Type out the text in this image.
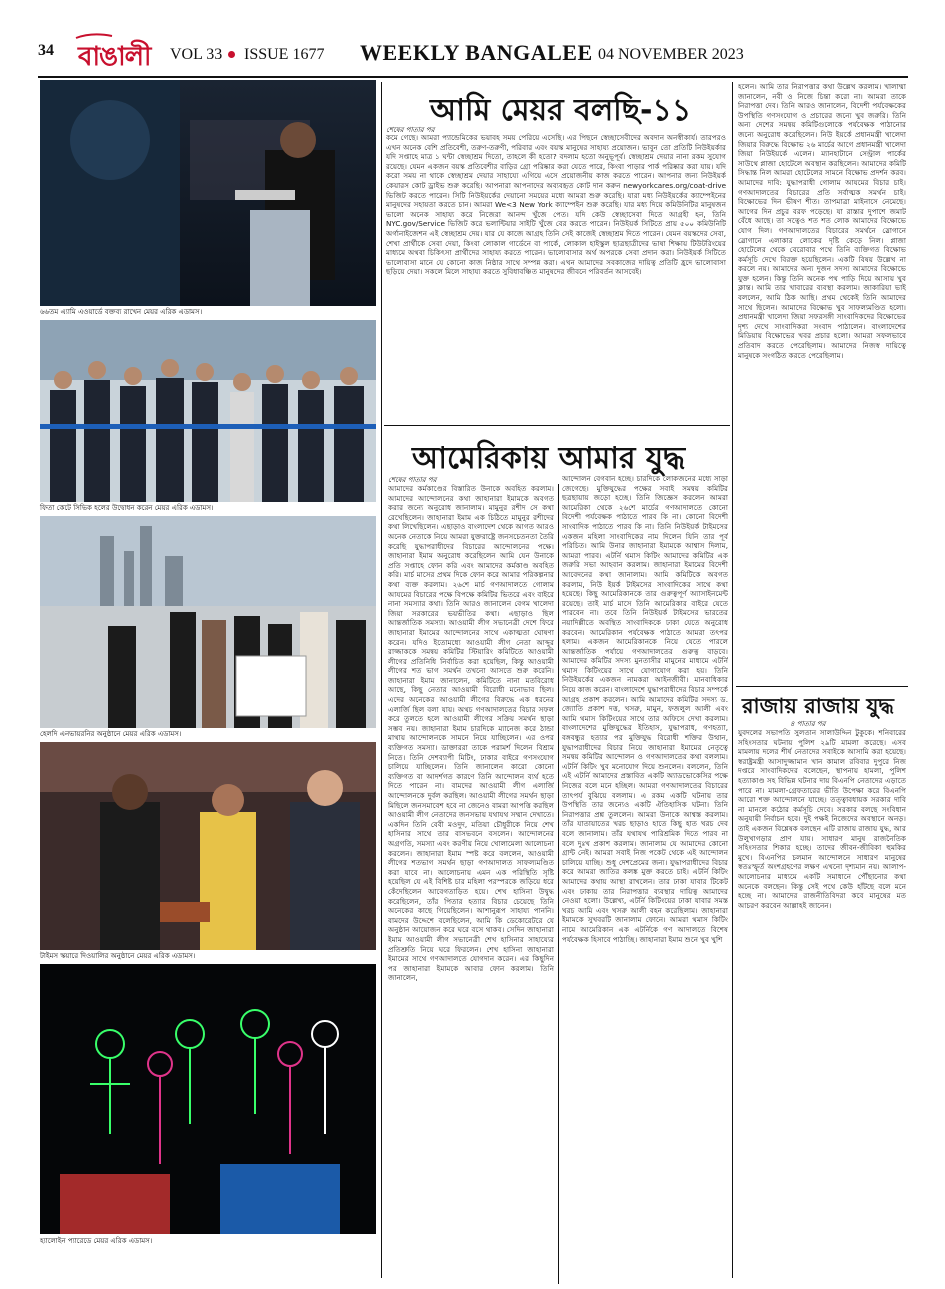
34 বাঙালী VOL 33 ISSUE 1677 WEEKLY BANGALEE 04 NOVEMBER 2023
৬৬তম এ্যামি এওয়ার্ডে বক্তব্য রাখেন মেয়র এরিক এডামস।
ফিতা কেটে সিভিক হলের উদ্বোধন করেন মেয়র এরিক এডামস।
হেলদি এনভায়রনির অনুষ্ঠানে মেয়র এরিক এডামস।
টাইমস স্কয়ারে দিওয়ালির অনুষ্ঠানে মেয়র এরিক এডামস।
হ্যালোইন প্যারেডে মেয়র এরিক এডামস।
আমি মেয়র বলছি-১১
শেষের পাতার পর

কমে গেছে। আমরা প্যান্ডেমিকের ভয়াবহ সময় পেরিয়ে এসেছি। এর পিছনে স্বেচ্ছাসেবীদের অবদান অনস্বীকার্য। তারপরও এখন অনেক বেশি প্রতিবেশী, তরুণ-তরুণী, পরিবার এবং বয়স্ক মানুষের সাহায্য প্রয়োজন। ভাবুন তো প্রতিটি নিউইয়র্কার যদি সপ্তাহে মাত্র ১ ঘন্টা স্বেচ্ছাশ্রম দিতো, তাহলে কী হতো? বদলাম হতো অনুভূপূর্ব। স্বেচ্ছাশ্রম দেয়ার নানা রকম সুযোগ রয়েছে। যেমন একজন বয়স্ক প্রতিবেশীর বাড়ির গ্রো পরিষ্কার করা যেতে পারে, কিংবা পাড়ার পার্ক পরিষ্কার করা যায়। যদি করো সময় না থাকে স্বেচ্ছাশ্রম দেয়ার সাহায্যে এগিয়ে এসে প্রয়োজনীয় কাজ করতে পারেন। আপনার জন্য নিউইয়র্ক কেয়ারস কোট ড্রাইভ শুরু করেছি। আপনারা আপনাদের অব্যবহৃত কোট দান করুন newyorkcares.org/coat-drive ভিজিট করতে পারেন। সিটি নিউইয়র্কের দেয়ানো সময়ের মধ্যে আমরা শুরু করেছি। যারা মধ্য নিউইয়র্কের ক্যাম্পেইনের মানুষদের সহায়তা করতে চান। আমরা We<3 New York ক্যাম্পেইন শুরু করেছি। যার মধ্য দিয়ে কমিউনিটির মানুষজন ভালো অনেক সাহায্য করে নিজেরা আনন্দ খুঁজে পেত। যদি কেউ স্বেচ্ছাসেবা দিতে আগ্রহী হন, তিনি NYC.gov/Service ভিজিট করে ভলান্টিয়ার সাইটি খুঁজে বের করতে পারেন। নিউইয়র্ক সিটিতে প্রায় ৫০০ কমিউনিটি অর্গানাইজেশন এই স্বেচ্ছাশ্রম দেয়। যার যে কাজে আগ্রহ তিনি সেই কাজেই স্বেচ্ছাশ্রম দিতে পারেন। যেমন বয়স্কদের সেবা, শেখা প্রার্থীকে সেবা দেয়া, কিংবা লোকাল গার্ডেনে বা পার্কে, লোকাল হাইস্কুল ছাত্রছাত্রীদের ভাষা শিক্ষায় টিউটরিংয়ের মাধ্যমে অথবা চিকিৎসা প্রার্থীদের সাহায্য করতে পারেন। ভালোবাসার অর্থ অপরকে সেবা প্রদান করা। নিউইয়র্ক সিটিতে ভালোবাসা মানে যে কোনো কাজ নিষ্ঠার সাথে সম্পন্ন করা। এখন আমাদের সবকাজের দায়িত্ব প্রতিটি হ্রদে ভালোবাসা ছড়িয়ে দেয়া। সকলে মিলে সাহায্য করতে সুবিধাবঞ্চিত মানুষদের জীবনে পরিবর্তন আসবেই।

আমেরিকায় আমার যুদ্ধ
শেষের পাতার পর

আমাদের কর্মকাণ্ডের বিস্তারিত উনাকে অবহিত করলাম। আমাদের আন্দোলনের কথা জাহানারা ইমামকে অবগত করার জন্যে অনুরোধ জানালাম। মামুনুর রশীদ সে কথা রেখেছিলেন। জাহানারা ইমাম এক চিঠিতে মামুনুর রশীদের কথা লিখেছিলেন। এছাড়াও বাংলাদেশ থেকে আগত আরও অনেক নেতাকে নিয়ে আমরা যুক্তরাষ্ট্রে জনসচেতনতা তৈরি করেছি যুদ্ধাপরাধীদের বিচারের আন্দোলনের পক্ষে। জাহানারা ইমাম অনুরোধ করেছিলেন আমি যেন উনাকে প্রতি সপ্তাহে ফোন করি এবং আমাদের কর্মকাণ্ড অবহিত করি। মার্চ মাসের প্রথম দিকে ফোন করে আমার পরিকল্পনার কথা ব্যক্ত করলাম। ২৬শে মার্চ গণআদালতে গোলাম আযমের বিচারের পক্ষে বিপক্ষে কমিটির ভিতরে এবং বাইরে নানা সমস্যার কথা। তিনি আরও জানালেন বেগম খালেদা জিয়া সরকারের ভয়ভীতির কথা। এছাড়াও ছিল আন্তর্জাতিক সমস্যা। আওয়ামী লীগ সভানেত্রী দেশে ফিরে জাহানারা ইমামের আন্দোলনের সাথে একাত্মতা ঘোষণা করেন। যদিও ইতোমধ্যে আওয়ামী লীগ নেতা আব্দুর রাজ্জাককে সমন্বয় কমিটির স্টিয়ারিং কমিটিতে আওয়ামী লীগের প্রতিনিধি নির্বাচিত করা হয়েছিল, কিন্তু আওয়ামী লীগের শত ভাগ সমর্থন তখনো আসতে শুরু করেনি। জাহানারা ইমাম জানালেন, কমিটিতে নানা মতবিরোধ আছে, কিছু নেতার আওয়ামী বিরোধী মনোভাব ছিল। এদের অনেকের আওয়ামী লীগের বিরুদ্ধে এক ধরনের এলার্জি ছিল বলা যায়। অথচ গণআদালতের বিচার সফল করে তুলতে হলে আওয়ামী লীগের সক্রিয় সমর্থন ছাড়া সম্ভব নয়। জাহানারা ইমাম চারদিকে ম্যানেজ করে ঠান্ডা মাথায় আন্দোলনকে সামনে নিয়ে যাচ্ছিলেন। এর ওপর ব্যক্তিগত সমস্যা। ডাক্তাররা তাকে পরামর্শ দিলেন বিশ্রাম নিতে। তিনি দেশব্যাপী মিটিং, ঢাকার বাইরে গণসংযোগ চালিয়ে যাচ্ছিলেন। তিনি জানালেন কারো কোনো ব্যক্তিগত বা আদর্শগত কারণে তিনি আন্দোলন ব্যর্থ হতে দিতে পারেন না। বামদের আওয়ামী লীগ এলার্জি আন্দোলনকে দুর্বল করছিল। আওয়ামী লীগের সমর্থন ছাড়া মিছিলে জনসমাবেশ হবে না জেনেও বামরা আপত্তি করছিল আওয়ামী লীগ নেতাদের জনসভায় যথাযথ সম্মান দেখাতে। একদিন তিনি বেবী মওদুদ, মতিয়া চৌধুরীকে নিয়ে শেখ হাসিনার সাথে তার বাসভবনে বসলেন। আন্দোলনের অগ্রগতি, সমস্যা এবং করণীয় নিয়ে খোলামেলা আলোচনা করলেন। জাহানারা ইমাম স্পষ্ট করে বললেন, আওয়ামী লীগের শতভাগ সমর্থন ছাড়া গণআদালত সাফল্যমণ্ডিত করা যাবে না। আলোচনায় এমন এক পরিস্থিতি সৃষ্টি হয়েছিল যে এই বিশিষ্ট চার মহিলা পরস্পরকে জড়িয়ে ধরে কেঁদেছিলেন আবেগতাড়িত হয়ে। শেখ হাসিনা উদ্বুদ্ধ করেছিলেন, তাঁর পিতার হত্যার বিচার চেয়েছে তিনি অনেকের কাছে গিয়েছিলেন। আশানুরূপ সাহায্য পাননি। বামদের উদ্দেশে বলেছিলেন, আমি কি ডেকোরেটরে যে অনুষ্ঠান আয়োজন করে ঘরে বসে থাকব। সেদিন জাহানারা ইমাম আওয়ামী লীগ সভানেত্রী শেখ হাসিনার সাহায্যের প্রতিশ্রুতি নিয়ে ঘরে ফিরলেন। শেখ হাসিনা জাহানারা ইমামের সাথে গণআদালতে যোগদান করেন। এর কিছুদিন পর জাহানারা ইমামকে আবার ফোন করলাম। তিনি জানালেন,

আন্দোলন বেগবান হচ্ছে। চারদিকে লোকজনের মধ্যে সাড়া জেগেছে। মুক্তিযুদ্ধের পক্ষের সবাই সমন্বয় কমিটির ছত্রছায়ায় জড়ো হচ্ছে। তিনি জিজ্ঞেস করলেন আমরা আমেরিকা থেকে ২৬শে মার্চের গণআদালতে কোনো বিদেশী পর্যবেক্ষক পাঠাতে পারব কি না। কোনো বিদেশী সাংবাদিক পাঠাতে পারব কি না। তিনি নিউইয়র্ক টাইমসের একজন মহিলা সাংবাদিকের নাম দিলেন যিনি তার পূর্ব পরিচিত। আমি উনার জাহানারা ইমামকে আশ্বাস দিলাম, আমরা পারব। এটর্নি থমাস কিটিং আমাদের কমিটির এক জরুরি সভা আহবান করলাম। জাহানারা ইমামের বিদেশী আবেদনের কথা জানালাম। আমি কমিটিকে অবগত করলাম, নিউ ইয়র্ক টাইমসের সাংবাদিকের সাথে কথা হয়েছে। কিছু আমেরিকানকে তার গুরুত্বপূর্ণ অ্যাসাইনমেন্ট রয়েছে। তাই মার্চ মাসে তিনি আমেরিকার বাইরে যেতে পারবেন না। তবে তিনি নিউইয়র্ক টাইমসের ভারতের নয়াদিল্লীতে অবস্থিত সাংবাদিককে ঢাকা যেতে অনুরোধ করবেন। আমেরিকান পর্যবেক্ষক পাঠাতে আমরা তৎপর হলাম। একজন আমেরিকানকে নিয়ে যেতে পারলে আন্তর্জাতিক পর্যায়ে গণআদালতের গুরুত্ব বাড়বে। আমাদের কমিটির সদস্য মুনতাসীর মামুনের মাধ্যমে এটর্নি থমাস কিটিংয়ের সাথে যোগাযোগ করা হয়। তিনি নিউইয়র্কের একজন নামকরা আইনজীবী। মানবাধিকার নিয়ে কাজ করেন। বাংলাদেশে যুদ্ধাপরাধীদের বিচার সম্পর্কে আগ্রহ প্রকাশ করলেন। আমি আমাদের কমিটির সদস্য ড. জ্যোতি প্রকাশ দত্ত, খসরু, মামুন, ফজলুল আলী এবং আমি থমাস কিটিংয়ের সাথে তার অফিসে দেখা করলাম। বাংলাদেশের মুক্তিযুদ্ধের ইতিহাস, যুদ্ধাপরাধ, গণহত্যা, বঙ্গবন্ধুর হত্যার পর মুক্তিযুদ্ধ বিরোধী শক্তির উত্থান, যুদ্ধাপরাধীদের বিচার নিয়ে জাহানারা ইমামের নেতৃত্বে সমন্বয় কমিটির আন্দোলন ও গণআদালতের কথা বললাম। এটর্নি কিটিং খুব মনোযোগ দিয়ে শুনলেন। বললেন, তিনি এই এটর্নি আমাদের প্রস্তাবিত একটি অ্যাডভোকেসির পক্ষে নিজের বলে মনে হচ্ছিল। আমরা গণআদালতের বিচারের তাৎপর্য বুঝিয়ে বললাম। এ রকম একটি ঘটনায় তার উপস্থিতি তার জন্যেও একটি ঐতিহাসিক ঘটনা। তিনি নিরাপত্তার প্রশ্ন তুললেন। আমরা উনাকে আশ্বস্ত করলাম। তাঁর যাতায়াতের খরচ ছাড়াও হাতে কিছু হাত খরচ দেব বলে জানালাম। তাঁর যথাযথ পারিশ্রমিক দিতে পারব না বলে দুঃখ প্রকাশ করলাম। জানালাম যে আমাদের কোনো গ্রান্ট নেই। আমরা সবাই নিজ পকেট থেকে এই আন্দোলন চালিয়ে যাচ্ছি। শুধু দেশপ্রেমের জন্য। যুদ্ধাপরাধীদের বিচার করে আমরা জাতির কলঙ্ক মুক্ত করতে চাই। এটর্নি কিটিং আমাদের কথায় আস্থা রাখলেন। তার ঢাকা যাবার টিকেট এবং ঢাকায় তার নিরাপত্তার ব্যবস্থার দায়িত্ব আমাদের নেওয়া হলো। উল্লেখ্য, এটর্নি কিটিংয়ের ঢাকা যাবার সমস্ত খরচ আমি এবং খসরু আলী বহন করেছিলাম। জাহানারা ইমামকে সুখবরটি জানালাম ফোনে। আমরা থমাস কিটিং নামে আমেরিকান এক এটর্নিকে গণ আদালতে বিশেষ পর্যবেক্ষক হিসাবে পাঠাচ্ছি। জাহানারা ইমাম শুনে খুব খুশি

হলেন। আমি তার নিরাপত্তার কথা উল্লেখ করলাম। খালাম্মা জানালেন, নবী ও নিজে চিন্তা করো না। আমরা তাকে নিরাপত্তা দেব। তিনি আরও জানালেন, বিদেশী পর্যবেক্ষকের উপস্থিতি গণসংযোগ ও প্রচারের জন্যে খুব জরুরি। তিনি অন্য দেশের সমন্বয় কমিটিগুলোকে পর্যবেক্ষক পাঠানোর জন্যে অনুরোধ করেছিলেন। নিউ ইয়র্কে প্রধানমন্ত্রী খালেদা জিয়ার বিরুদ্ধে বিক্ষোভ ২৬ মার্চের আগে প্রধানমন্ত্রী খালেদা জিয়া নিউইয়র্কে এলেন। ম্যানহাটানে সেন্ট্রাল পার্কের সাউথে প্লাজা হোটেলে অবস্থান করছিলেন। আমাদের কমিটি সিদ্ধান্ত নিল আমরা হোটেলের সামনে বিক্ষোভ প্রদর্শন করব। আমাদের দাবি: যুদ্ধাপরাধী গোলাম আযমের বিচার চাই। গণআদালতের বিচারের প্রতি সর্বাত্মক সমর্থন চাই। বিক্ষোভের দিন ভীষণ শীত। তাপমাত্রা মাইনাসে নেমেছে। আগের দিন প্রচুর বরফ পড়েছে। যা রাস্তার দুপাশে জমাট বেঁধে আছে। তা সত্বেও শত শত লোক আমাদের বিক্ষোভে যোগ দিল। গণআদালতের বিচারের সমর্থনে স্লোগানে স্লোগানে এলাকার লোকের দৃষ্টি কেড়ে নিল। প্লাজা হোটেলের থেকে বেরোবার পথে তিনি ব্যক্তিগত বিক্ষোভ কর্মসূচি দেখে বিরক্ত হয়েছিলেন। একটি বিষয় উল্লেখ না করলে নয়। আমাদের অন্য দুজন সদস্য আমাদের বিক্ষোভে যুক্ত হলেন। কিন্তু তিনি অনেক পথ পাড়ি দিয়ে আসায় খুব ক্লান্ত। আমি তার খাবারের ব্যবস্থা করলাম। জাকারিয়া ভাই বললেন, আমি ঠিক আছি। প্রথম থেকেই তিনি আমাদের সাথে ছিলেন। আমাদের বিক্ষোভ খুব সাফল্যমণ্ডিত হলো। প্রধানমন্ত্রী খালেদা জিয়া সফরসঙ্গী সাংবাদিকদের বিক্ষোভের দৃশ্য দেখে সাংবাদিকরা সংবাদ পাঠালেন। বাংলাদেশের মিডিয়ায় বিক্ষোভের খবর প্রচার হলো। আমরা সফলভাবে প্রতিবাদ করতে পেরেছিলাম। আমাদের নিজস্ব দায়িত্বে মানুষকে সংগঠিত করতে পেরেছিলাম।

রাজায় রাজায় যুদ্ধ
৪ পাতার পর

যুবদলের সভাপতি সুলতান সালাউদ্দিন টুকুকে। শনিবারের সহিংসতার ঘটনায় পুলিশ ২৯টি মামলা করেছে। এসব মামলায় দলের শীর্ষ নেতাদের সবাইকে আসামি করা হয়েছে। স্বরাষ্ট্রমন্ত্রী আসাদুজ্জামান খান কামাল রবিবার দুপুরে নিজ দপ্তরে সাংবাদিকদের বলেছেন, স্থাপনায় হামলা, পুলিশ হত্যাকাণ্ড সহ বিভিন্ন ঘটনার দায় বিএনপি নেতাদের এড়াতে পারে না। মামলা-গ্রেফতারের ভীতি উপেক্ষা করে বিএনপি আরো শক্ত আন্দোলনে যাচ্ছে। তত্ত্বাবধায়ক সরকার দাবি না মানলে কঠোর কর্মসূচি দেবে। সরকার বলছে সংবিধান অনুযায়ী নির্বাচন হবে। দুই পক্ষই নিজেদের অবস্থানে অনড়। তাই একজন বিশ্লেষক বলছেন এটি রাজায় রাজায় যুদ্ধ, আর উলুখাগড়ার প্রাণ যায়। সাধারণ মানুষ রাজনৈতিক সহিংসতার শিকার হচ্ছে। তাদের জীবন-জীবিকা হুমকির মুখে। বিএনপির চলমান আন্দোলনে সাধারণ মানুষের স্বতঃস্ফূর্ত অংশগ্রহণের লক্ষণ এখনো দৃশ্যমান নয়। আলাপ-আলোচনার মাধ্যমে একটি সমাধানে পৌঁছানোর কথা অনেকে বলছেন। কিন্তু সেই পথে কেউ হাঁটছে বলে মনে হচ্ছে না। আমাদের রাজনীতিবিদরা কবে মানুষের মত আচরণ করবেন আল্লাহই জানেন।
